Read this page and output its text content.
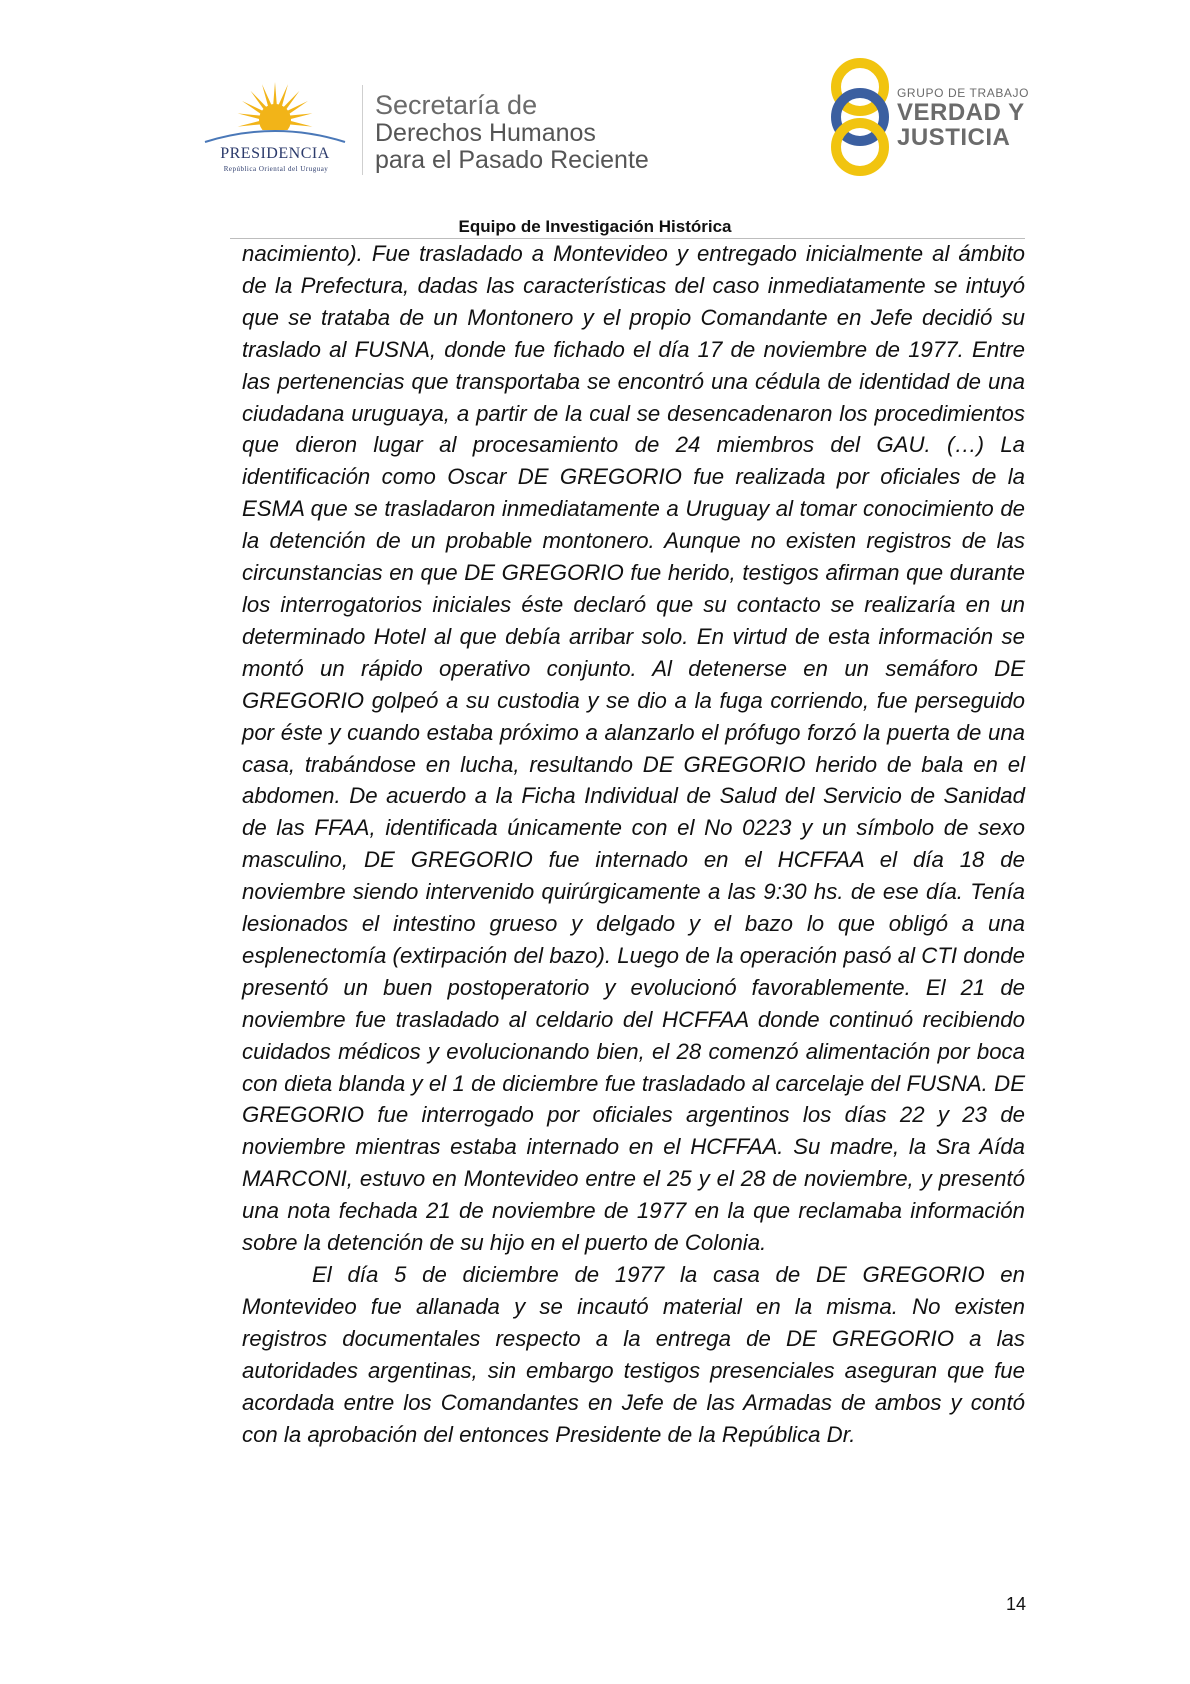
PRESIDENCIA
República Oriental del Uruguay
Secretaría de
Derechos Humanos
para el Pasado Reciente
GRUPO DE TRABAJO
VERDAD Y
JUSTICIA
Equipo de Investigación Histórica

nacimiento). Fue trasladado a Montevideo y entregado inicialmente al ámbito de la Prefectura, dadas las características del caso inmediatamente se intuyó que se trataba de un Montonero y el propio Comandante en Jefe decidió su traslado al FUSNA, donde fue fichado el día 17 de noviembre de 1977. Entre las pertenencias que transportaba se encontró una cédula de identidad de una ciudadana uruguaya, a partir de la cual se desencadenaron los procedimientos que dieron lugar al procesamiento de 24 miembros del GAU. (…) La identificación como Oscar DE GREGORIO fue realizada por oficiales de la ESMA que se trasladaron inmediatamente a Uruguay al tomar conocimiento de la detención de un probable montonero. Aunque no existen registros de las circunstancias en que DE GREGORIO fue herido, testigos afirman que durante los interrogatorios iniciales éste declaró que su contacto se realizaría en un determinado Hotel al que debía arribar solo. En virtud de esta información se montó un rápido operativo conjunto. Al detenerse en un semáforo DE GREGORIO golpeó a su custodia y se dio a la fuga corriendo, fue perseguido por éste y cuando estaba próximo a alanzarlo el prófugo forzó la puerta de una casa, trabándose en lucha, resultando DE GREGORIO herido de bala en el abdomen. De acuerdo a la Ficha Individual de Salud del Servicio de Sanidad de las FFAA, identificada únicamente con el No 0223 y un símbolo de sexo masculino, DE GREGORIO fue internado en el HCFFAA el día 18 de noviembre siendo intervenido quirúrgicamente a las 9:30 hs. de ese día. Tenía lesionados el intestino grueso y delgado y el bazo lo que obligó a una esplenectomía (extirpación del bazo). Luego de la operación pasó al CTI donde presentó un buen postoperatorio y evolucionó favorablemente. El 21 de noviembre fue trasladado al celdario del HCFFAA donde continuó recibiendo cuidados médicos y evolucionando bien, el 28 comenzó alimentación por boca con dieta blanda y el 1 de diciembre fue trasladado al carcelaje del FUSNA. DE GREGORIO fue interrogado por oficiales argentinos los días 22 y 23 de noviembre mientras estaba internado en el HCFFAA. Su madre, la Sra Aída MARCONI, estuvo en Montevideo entre el 25 y el 28 de noviembre, y presentó una nota fechada 21 de noviembre de 1977 en la que reclamaba información sobre la detención de su hijo en el puerto de Colonia.

El día 5 de diciembre de 1977 la casa de DE GREGORIO en Montevideo fue allanada y se incautó material en la misma. No existen registros documentales respecto a la entrega de DE GREGORIO a las autoridades argentinas, sin embargo testigos presenciales aseguran que fue acordada entre los Comandantes en Jefe de las Armadas de ambos y contó con la aprobación del entonces Presidente de la República Dr.

14
